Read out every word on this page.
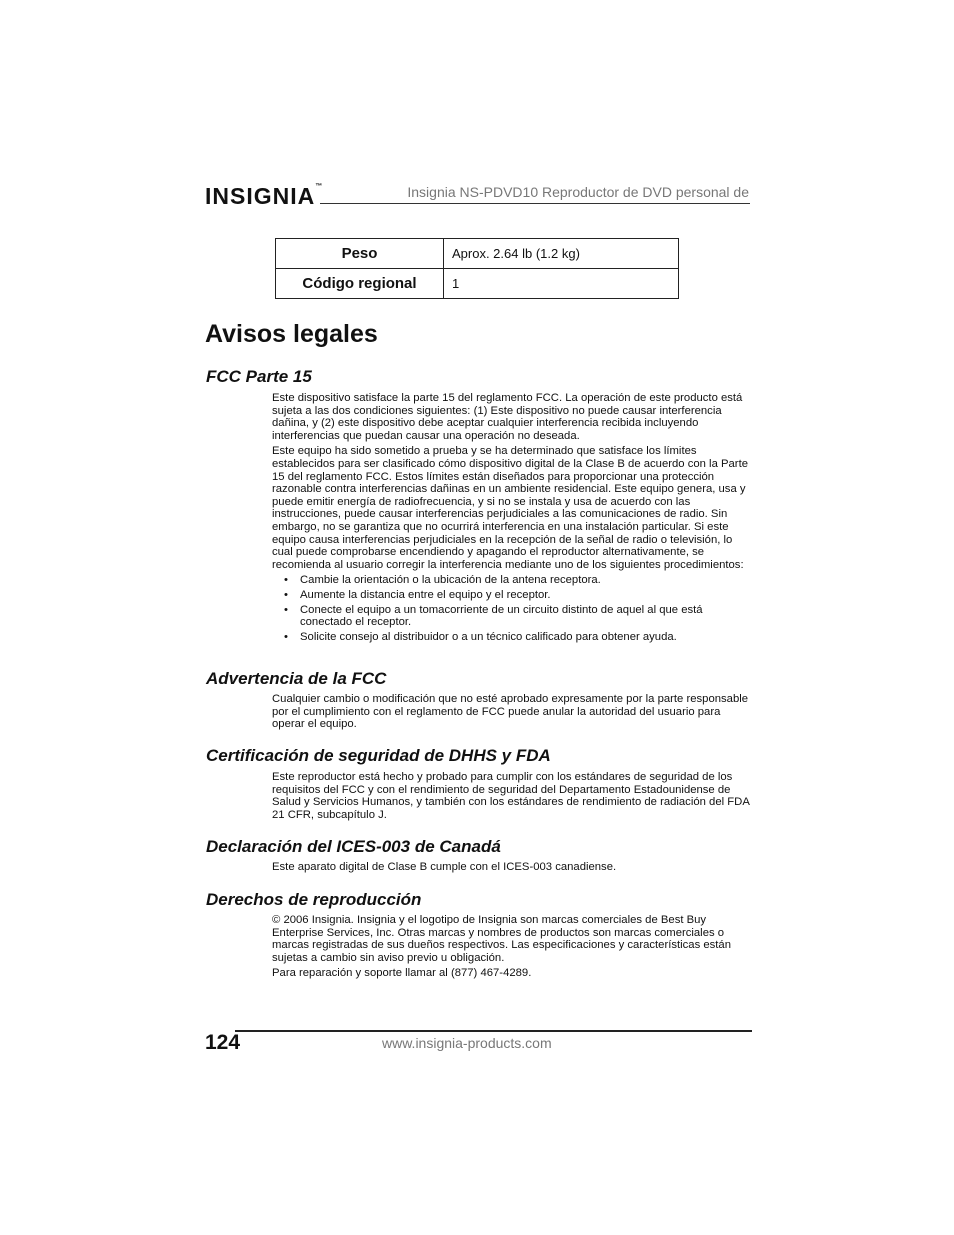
INSIGNIA™	Insignia NS-PDVD10 Reproductor de DVD personal de
Peso	Aprox. 2.64 lb (1.2 kg)
Código regional	1
Avisos legales
FCC Parte 15

Este dispositivo satisface la parte 15 del reglamento FCC. La operación de este producto está sujeta a las dos condiciones siguientes: (1) Este dispositivo no puede causar interferencia dañina, y (2) este dispositivo debe aceptar cualquier interferencia recibida incluyendo interferencias que puedan causar una operación no deseada.

Este equipo ha sido sometido a prueba y se ha determinado que satisface los límites establecidos para ser clasificado cómo dispositivo digital de la Clase B de acuerdo con la Parte 15 del reglamento FCC. Estos límites están diseñados para proporcionar una protección razonable contra interferencias dañinas en un ambiente residencial. Este equipo genera, usa y puede emitir energía de radiofrecuencia, y si no se instala y usa de acuerdo con las instrucciones, puede causar interferencias perjudiciales a las comunicaciones de radio. Sin embargo, no se garantiza que no ocurrirá interferencia en una instalación particular. Si este equipo causa interferencias perjudiciales en la recepción de la señal de radio o televisión, lo cual puede comprobarse encendiendo y apagando el reproductor alternativamente, se recomienda al usuario corregir la interferencia mediante uno de los siguientes procedimientos:

• Cambie la orientación o la ubicación de la antena receptora.
• Aumente la distancia entre el equipo y el receptor.
• Conecte el equipo a un tomacorriente de un circuito distinto de aquel al que está conectado el receptor.
• Solicite consejo al distribuidor o a un técnico calificado para obtener ayuda.
Advertencia de la FCC

Cualquier cambio o modificación que no esté aprobado expresamente por la parte responsable por el cumplimiento con el reglamento de FCC puede anular la autoridad del usuario para operar el equipo.

Certificación de seguridad de DHHS y FDA

Este reproductor está hecho y probado para cumplir con los estándares de seguridad de los requisitos del FCC y con el rendimiento de seguridad del Departamento Estadounidense de Salud y Servicios Humanos, y también con los estándares de rendimiento de radiación del FDA 21 CFR, subcapítulo J.

Declaración del ICES-003 de Canadá

Este aparato digital de Clase B cumple con el ICES-003 canadiense.

Derechos de reproducción

© 2006 Insignia. Insignia y el logotipo de Insignia son marcas comerciales de Best Buy Enterprise Services, Inc. Otras marcas y nombres de productos son marcas comerciales o marcas registradas de sus dueños respectivos. Las especificaciones y características están sujetas a cambio sin aviso previo u obligación.

Para reparación y soporte llamar al (877) 467-4289.

124	www.insignia-products.com
